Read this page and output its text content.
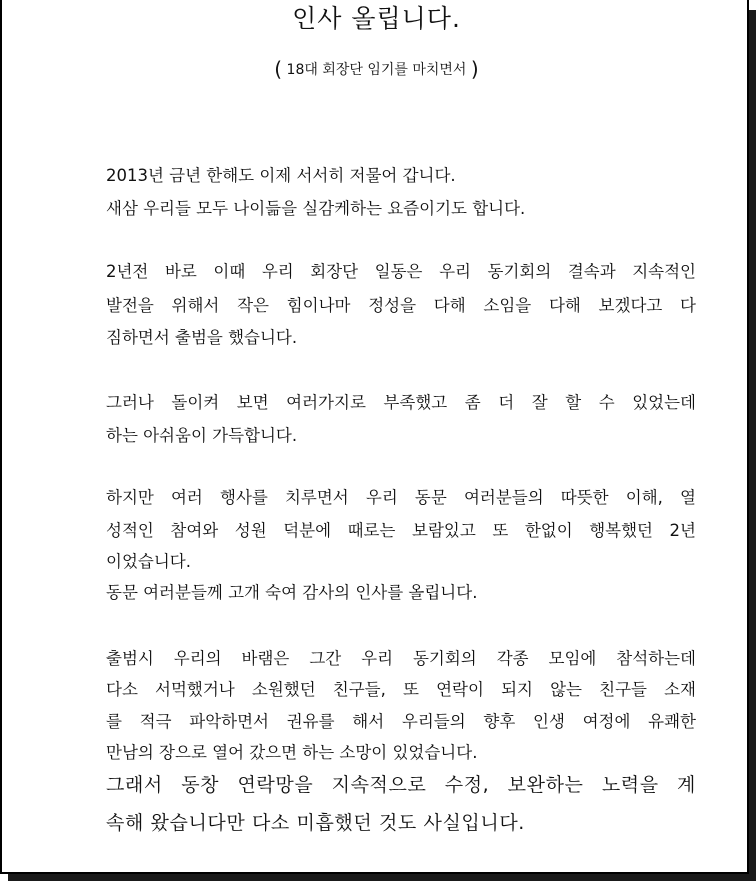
인사 올립니다.
( 18대 회장단 임기를 마치면서 )
2013년 금년 한해도 이제 서서히 저물어 갑니다.
새삼 우리들 모두 나이듦을 실감케하는 요즘이기도 합니다.
2년전 바로 이때 우리 회장단 일동은 우리 동기회의 결속과 지속적인
발전을 위해서 작은 힘이나마 정성을 다해 소임을 다해 보겠다고 다
짐하면서 출범을 했습니다.
그러나 돌이켜 보면 여러가지로 부족했고 좀 더 잘 할 수 있었는데
하는 아쉬움이 가득합니다.
하지만 여러 행사를 치루면서 우리 동문 여러분들의 따뜻한 이해, 열
성적인 참여와 성원 덕분에 때로는 보람있고 또 한없이 행복했던 2년
이었습니다.
동문 여러분들께 고개 숙여 감사의 인사를 올립니다.
출범시 우리의 바램은 그간 우리 동기회의 각종 모임에 참석하는데
다소 서먹했거나 소원했던 친구들, 또 연락이 되지 않는 친구들 소재
를 적극 파악하면서 권유를 해서 우리들의 향후 인생 여정에 유쾌한
만남의 장으로 열어 갔으면 하는 소망이 있었습니다.
그래서 동창 연락망을 지속적으로 수정, 보완하는 노력을 계
속해 왔습니다만 다소 미흡했던 것도 사실입니다.
